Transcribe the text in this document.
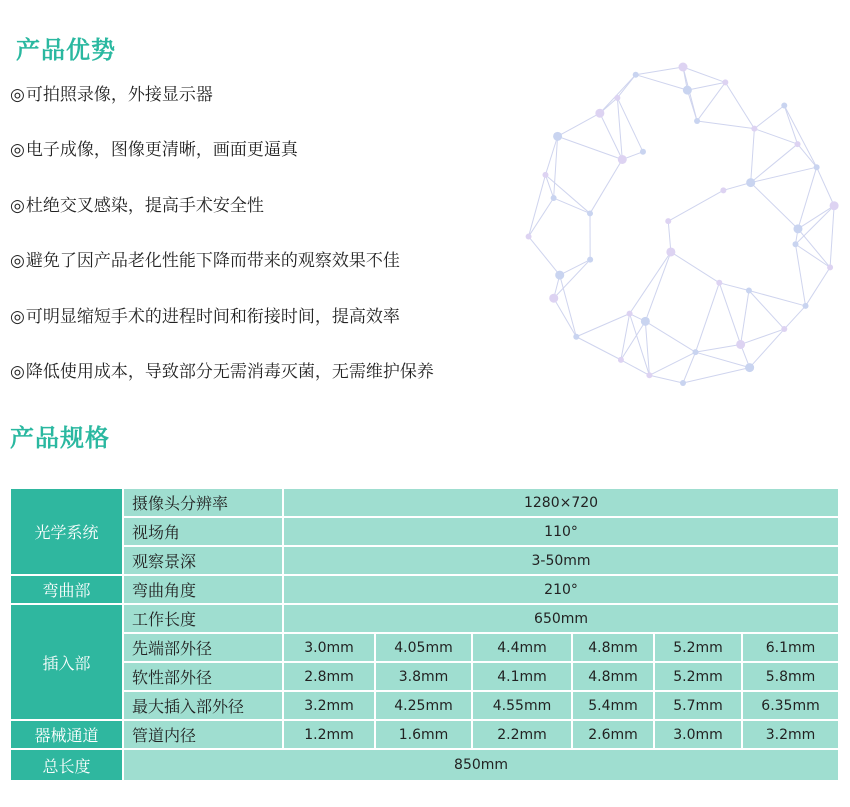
产品优势
◎可拍照录像，外接显示器
◎电子成像，图像更清晰，画面更逼真
◎杜绝交叉感染，提高手术安全性
◎避免了因产品老化性能下降而带来的观察效果不佳
◎可明显缩短手术的进程时间和衔接时间，提高效率
◎降低使用成本，导致部分无需消毒灭菌，无需维护保养
产品规格
光学系统	摄像头分辨率	1280×720					
	视场角	110°					
	观察景深	3-50mm					
弯曲部	弯曲角度	210°					
插入部	工作长度	650mm					
	先端部外径	3.0mm	4.05mm	4.4mm	4.8mm	5.2mm	6.1mm
	软性部外径	2.8mm	3.8mm	4.1mm	4.8mm	5.2mm	5.8mm
	最大插入部外径	3.2mm	4.25mm	4.55mm	5.4mm	5.7mm	6.35mm
器械通道	管道内径	1.2mm	1.6mm	2.2mm	2.6mm	3.0mm	3.2mm
总长度	850mm						
